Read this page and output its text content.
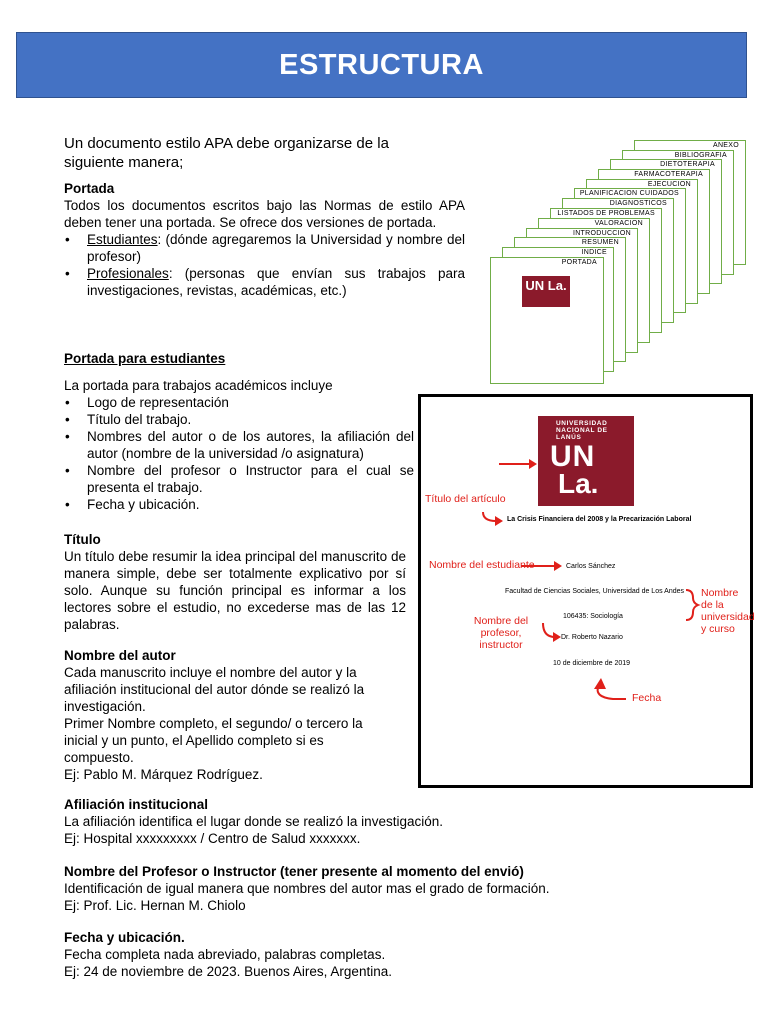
ESTRUCTURA
Un documento estilo APA debe organizarse de la siguiente manera;
Portada
Todos los documentos escritos bajo las Normas de estilo APA deben tener una portada. Se ofrece dos versiones de portada.
• Estudiantes: (dónde agregaremos la Universidad y nombre del profesor)
• Profesionales: (personas que envían sus trabajos para investigaciones, revistas, académicas, etc.)
ANEXO
BIBLIOGRAFIA
DIETOTERAPIA
FARMACOTERAPIA
EJECUCION
PLANIFICACION CUIDADOS
DIAGNOSTICOS
LISTADOS DE PROBLEMAS
VALORACION
INTRODUCCION
RESUMEN
INDICE
PORTADA
UN La.
Portada para estudiantes
La portada para trabajos académicos incluye
• Logo de representación
• Título del trabajo.
• Nombres del autor o de los autores, la afiliación del autor (nombre de la universidad /o asignatura)
• Nombre del profesor o Instructor para el cual se presenta el trabajo.
• Fecha y ubicación.
UNIVERSIDAD NACIONAL DE LANÚS
UN
La.
Título del artículo
La Crisis Financiera del 2008 y la Precarización Laboral
Nombre del estudiante	Carlos Sánchez
Facultad de Ciencias Sociales, Universidad de Los Andes
106435: Sociología
Nombre de la universidad y curso
Nombre del profesor, instructor
Dr. Roberto Nazario
10 de diciembre de 2019
Fecha
Título
Un título debe resumir la idea principal del manuscrito de manera simple, debe ser totalmente explicativo por sí solo. Aunque su función principal es informar a los lectores sobre el estudio, no excederse mas de las 12 palabras.
Nombre del autor
Cada manuscrito incluye el nombre del autor y la afiliación institucional del autor dónde se realizó la investigación.
Primer Nombre completo, el segundo/ o tercero la inicial y un punto, el Apellido completo si es compuesto.
Ej: Pablo M. Márquez Rodríguez.
Afiliación institucional
La afiliación identifica el lugar donde se realizó la investigación.
Ej: Hospital xxxxxxxxx / Centro de Salud xxxxxxx.
Nombre del Profesor o Instructor (tener presente al momento del envió)
Identificación de igual manera que nombres del autor mas el grado de formación.
Ej: Prof. Lic. Hernan M. Chiolo
Fecha y ubicación.
Fecha completa nada abreviado, palabras completas.
Ej: 24 de noviembre de 2023. Buenos Aires, Argentina.
